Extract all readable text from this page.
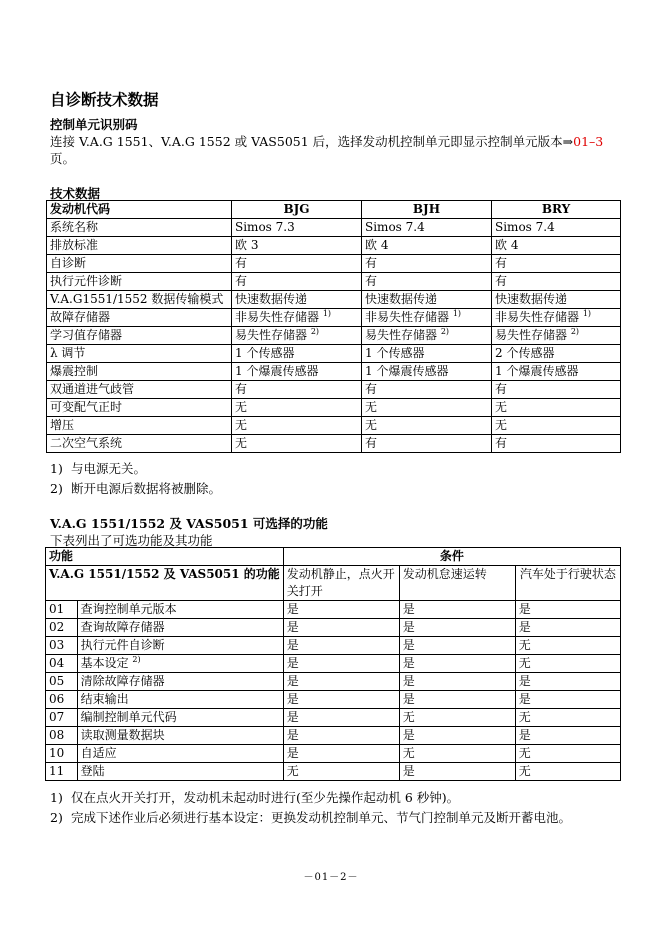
自诊断技术数据
控制单元识别码
连接 V.A.G 1551、V.A.G 1552 或 VAS5051 后，选择发动机控制单元即显示控制单元版本⇒01–3
页。
技术数据
发动机代码	BJG	BJH	BRY
系统名称	Simos 7.3	Simos 7.4	Simos 7.4
排放标准	欧 3	欧 4	欧 4
自诊断	有	有	有
执行元件诊断	有	有	有
V.A.G1551/1552 数据传输模式	快速数据传递	快速数据传递	快速数据传递
故障存储器	非易失性存储器 $^{1)}$	非易失性存储器 $^{1)}$	非易失性存储器 $^{1)}$
学习值存储器	易失性存储器 $^{2)}$	易失性存储器 $^{2)}$	易失性存储器 $^{2)}$
λ 调节	1 个传感器	1 个传感器	2 个传感器
爆震控制	1 个爆震传感器	1 个爆震传感器	1 个爆震传感器
双通道进气歧管	有	有	有
可变配气正时	无	无	无
增压	无	无	无
二次空气系统	无	有	有
1) 与电源无关。
2) 断开电源后数据将被删除。
V.A.G 1551/1552 及 VAS5051 可选择的功能
下表列出了可选功能及其功能
功能		条件		
V.A.G 1551/1552 及 VAS5051 的功能		发动机静止，点火开关打开	发动机怠速运转	汽车处于行驶状态
01	查询控制单元版本	是	是	是
02	查询故障存储器	是	是	是
03	执行元件自诊断	是	是	无
04	基本设定 $^{2)}$	是	是	无
05	清除故障存储器	是	是	是
06	结束输出	是	是	是
07	编制控制单元代码	是	无	无
08	读取测量数据块	是	是	是
10	自适应	是	无	无
11	登陆	无	是	无
1) 仅在点火开关打开，发动机未起动时进行(至少先操作起动机 6 秒钟)。
2) 完成下述作业后必须进行基本设定：更换发动机控制单元、节气门控制单元及断开蓄电池。
－01－2－
